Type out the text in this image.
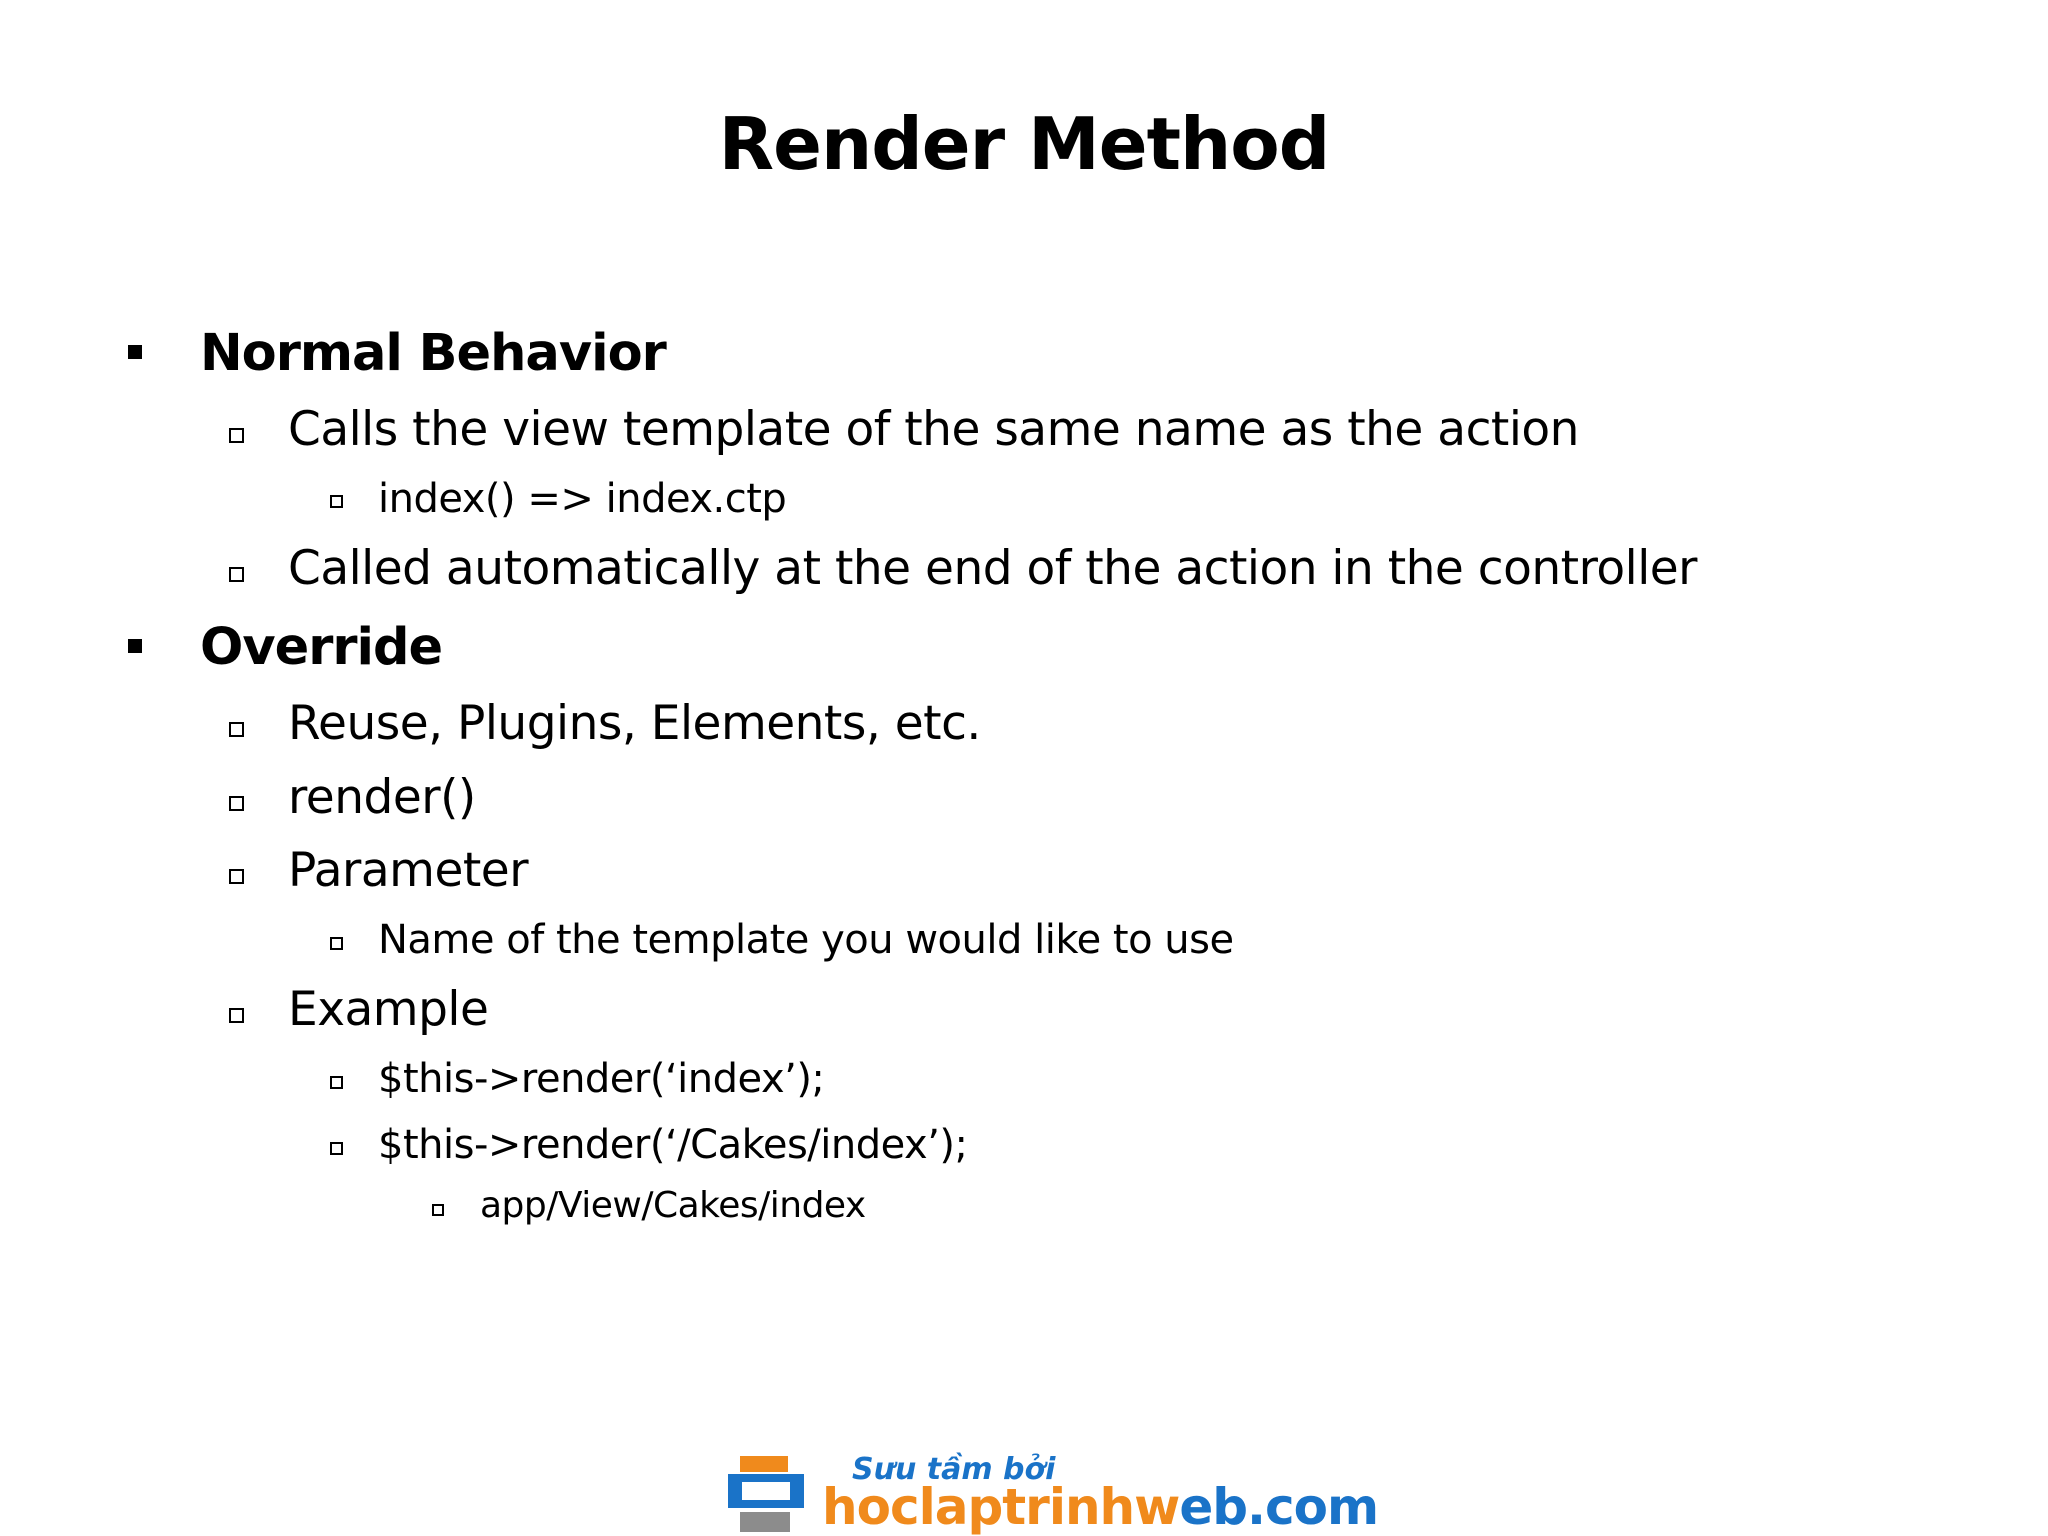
Render Method
Normal Behavior
Calls the view template of the same name as the action
index() => index.ctp
Called automatically at the end of the action in the controller
Override
Reuse, Plugins, Elements, etc.
render()
Parameter
Name of the template you would like to use
Example
$this->render(‘index’);
$this->render(‘/Cakes/index’);
app/View/Cakes/index
Sưu tầm bởi
hoclaptrinhweb.com
